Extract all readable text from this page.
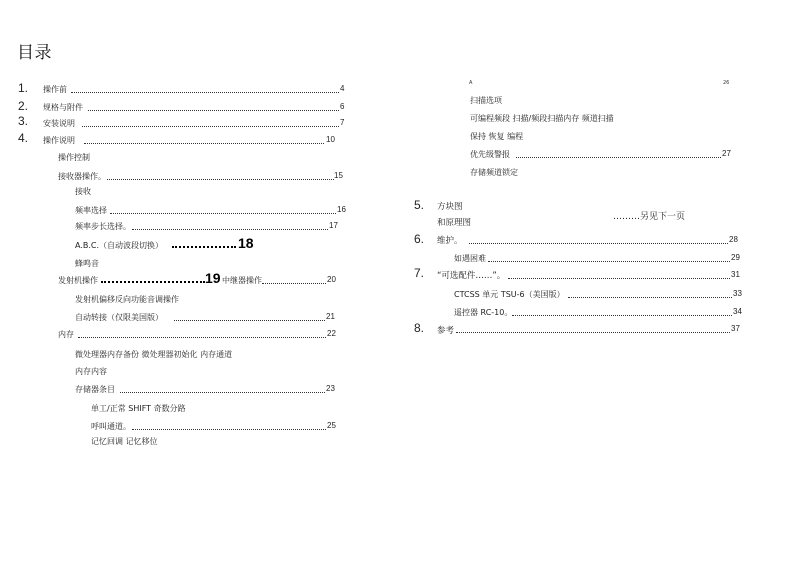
目录
1. 操作前	4
2. 规格与附件	6
3. 安装说明	7
4. 操作说明	10
操作控制
接收器操作。	15
接收
频率选择	16
频率步长选择。	17
A.B.C.（自动波段切换）	18
蜂鸣音
发射机操作	19 中继器操作	20
发射机偏移反向功能音调操作
自动转接（仅限美国版）	21
内存	22
微处理器内存备份 微处理器初始化 内存通道
内存内容
存储器条目	23
单工/正常 SHIFT 奇数分路
呼叫通道。	25
记忆回调 记忆移位
A	26
扫描选项
可编程频段 扫描/频段扫描内存 频道扫描
保持 恢复 编程
优先级警报	27
存储频道锁定
5. 方块图
和原理图
………另见下一页
6. 维护。	28
如遇困难	29
7. “可选配件……”。	31
CTCSS 单元 TSU-6（美国版）	33
遥控器 RC-10。	34
8. 参考	37
